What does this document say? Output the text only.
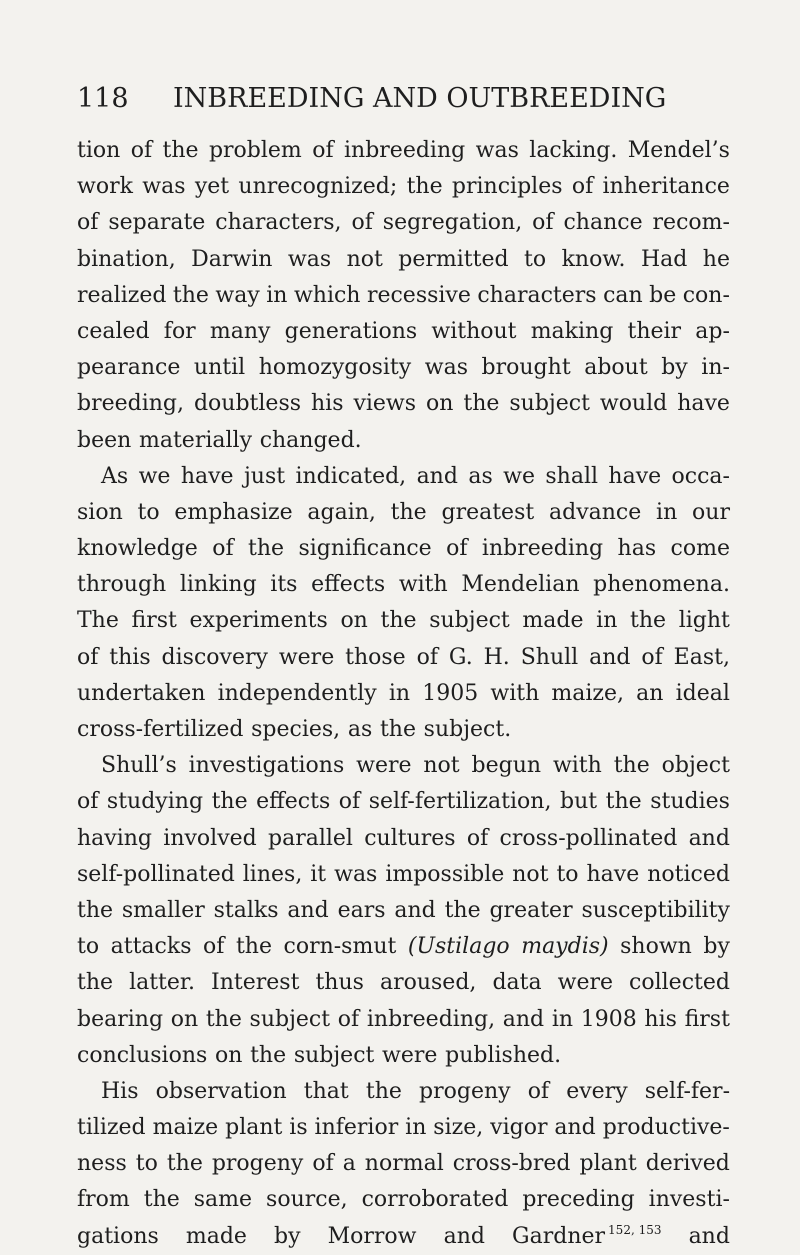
118 INBREEDING AND OUTBREEDING
tion of the problem of inbreeding was lacking. Mendel’s
work was yet unrecognized; the principles of inheritance
of separate characters, of segregation, of chance recom-
bination, Darwin was not permitted to know. Had he
realized the way in which recessive characters can be con-
cealed for many generations without making their ap-
pearance until homozygosity was brought about by in-
breeding, doubtless his views on the subject would have
been materially changed.
As we have just indicated, and as we shall have occa-
sion to emphasize again, the greatest advance in our
knowledge of the significance of inbreeding has come
through linking its effects with Mendelian phenomena.
The first experiments on the subject made in the light
of this discovery were those of G. H. Shull and of East,
undertaken independently in 1905 with maize, an ideal
cross-fertilized species, as the subject.
Shull’s investigations were not begun with the object
of studying the effects of self-fertilization, but the studies
having involved parallel cultures of cross-pollinated and
self-pollinated lines, it was impossible not to have noticed
the smaller stalks and ears and the greater susceptibility
to attacks of the corn-smut (Ustilago maydis) shown by
the latter. Interest thus aroused, data were collected
bearing on the subject of inbreeding, and in 1908 his first
conclusions on the subject were published.
His observation that the progeny of every self-fer-
tilized maize plant is inferior in size, vigor and productive-
ness to the progeny of a normal cross-bred plant derived
from the same source, corroborated preceding investi-
gations made by Morrow and Gardner $^{152, 153}$ and
